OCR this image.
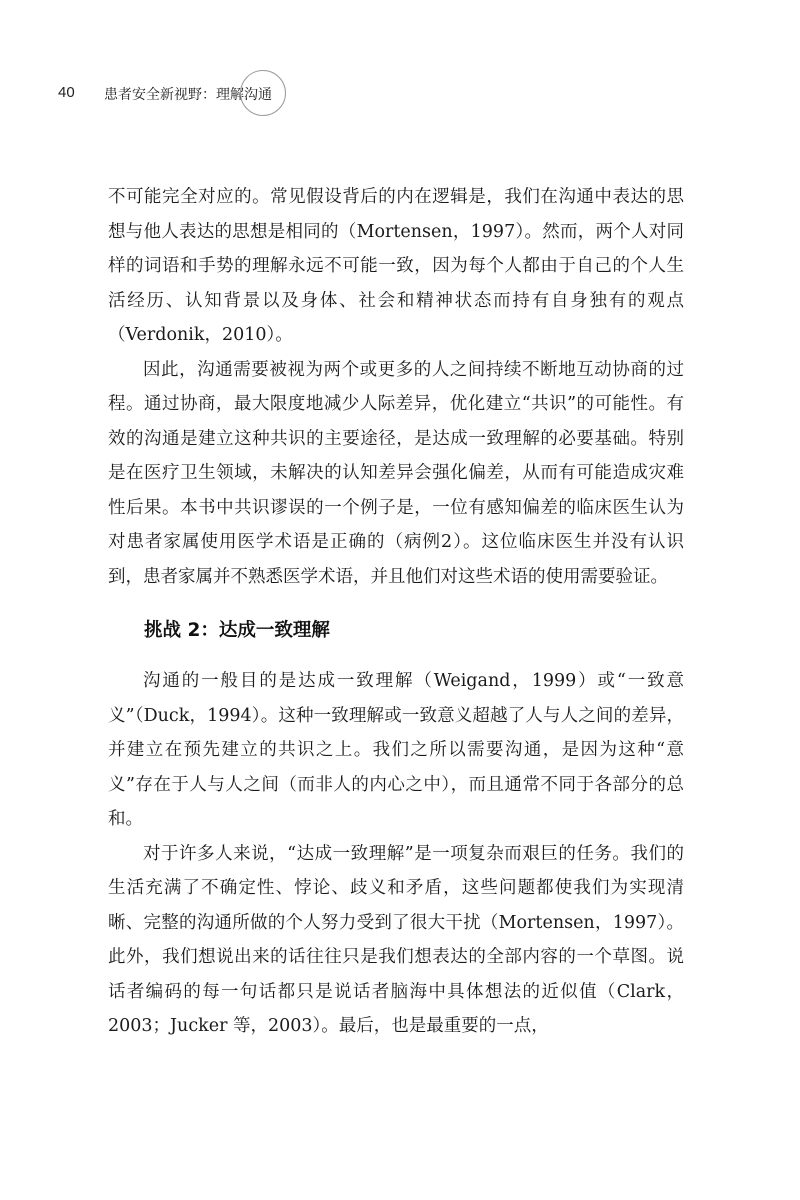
40 患者安全新视野：理解沟通

不可能完全对应的。常见假设背后的内在逻辑是，我们在沟通中表达的思想与他人表达的思想是相同的（Mortensen，1997）。然而，两个人对同样的词语和手势的理解永远不可能一致，因为每个人都由于自己的个人生活经历、认知背景以及身体、社会和精神状态而持有自身独有的观点（Verdonik，2010）。

因此，沟通需要被视为两个或更多的人之间持续不断地互动协商的过程。通过协商，最大限度地减少人际差异，优化建立“共识”的可能性。有效的沟通是建立这种共识的主要途径，是达成一致理解的必要基础。特别是在医疗卫生领域，未解决的认知差异会强化偏差，从而有可能造成灾难性后果。本书中共识谬误的一个例子是，一位有感知偏差的临床医生认为对患者家属使用医学术语是正确的（病例2）。这位临床医生并没有认识到，患者家属并不熟悉医学术语，并且他们对这些术语的使用需要验证。

挑战 2：达成一致理解

沟通的一般目的是达成一致理解（Weigand，1999）或“一致意义”（Duck，1994）。这种一致理解或一致意义超越了人与人之间的差异，并建立在预先建立的共识之上。我们之所以需要沟通，是因为这种“意义”存在于人与人之间（而非人的内心之中），而且通常不同于各部分的总和。

对于许多人来说，“达成一致理解”是一项复杂而艰巨的任务。我们的生活充满了不确定性、悖论、歧义和矛盾，这些问题都使我们为实现清晰、完整的沟通所做的个人努力受到了很大干扰（Mortensen，1997）。此外，我们想说出来的话往往只是我们想表达的全部内容的一个草图。说话者编码的每一句话都只是说话者脑海中具体想法的近似值（Clark，2003；Jucker 等，2003）。最后，也是最重要的一点，
